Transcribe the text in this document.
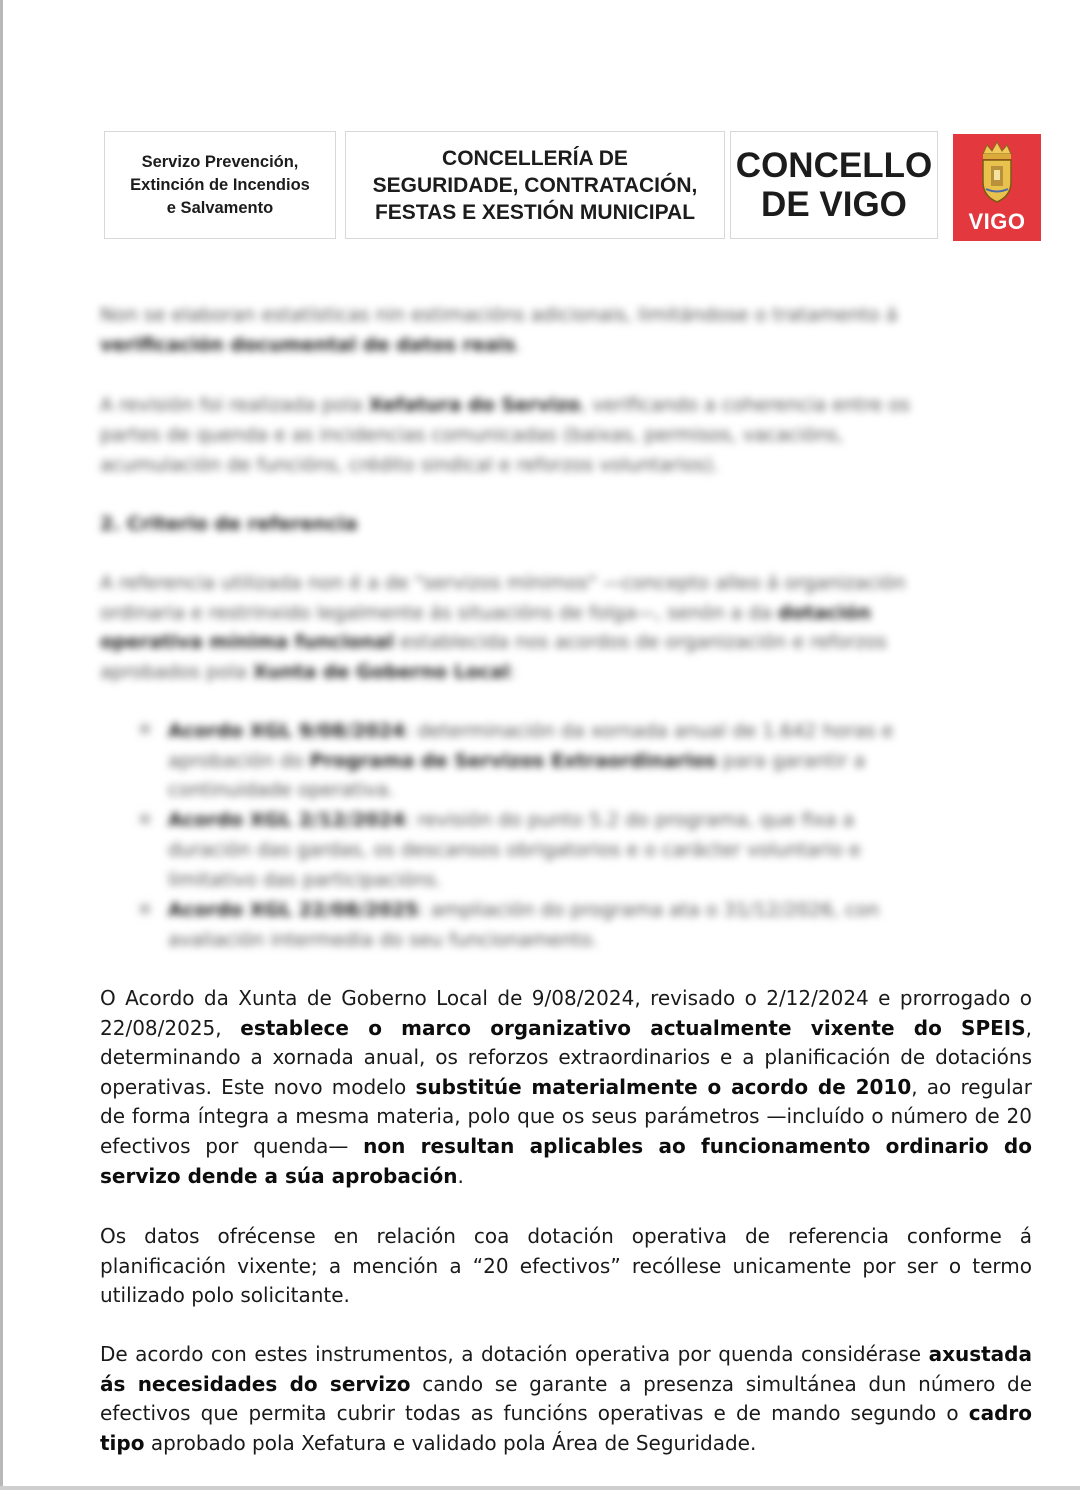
Servizo Prevención,
Extinción de Incendios
e Salvamento
CONCELLERÍA DE
SEGURIDADE, CONTRATACIÓN,
FESTAS E XESTIÓN MUNICIPAL
CONCELLO
DE VIGO	VIGO
Non se elaboran estatísticas nin estimacións adicionais, limitándose o tratamento á
verificación documental de datos reais.
A revisión foi realizada pola Xefatura do Servizo, verificando a coherencia entre os
partes de quenda e as incidencias comunicadas (baixas, permisos, vacacións,
acumulación de funcións, crédito sindical e reforzos voluntarios).
2. Criterio de referencia
A referencia utilizada non é a de "servizos mínimos" —concepto alleo á organización
ordinaria e restrinxido legalmente ás situacións de folga—, senón a da dotación
operativa mínima funcional establecida nos acordos de organización e reforzos
aprobados pola Xunta de Goberno Local:
Acordo XGL 9/08/2024: determinación da xornada anual de 1.642 horas e
aprobación do Programa de Servizos Extraordinarios para garantir a
continuidade operativa.
Acordo XGL 2/12/2024: revisión do punto 5.2 do programa, que fixa a
duración das gardas, os descansos obrigatorios e o carácter voluntario e
limitativo das participacións.
Acordo XGL 22/08/2025: ampliación do programa ata o 31/12/2026, con
avaliación intermedia do seu funcionamento.

O Acordo da Xunta de Goberno Local de 9/08/2024, revisado o 2/12/2024 e prorrogado o 22/08/2025, establece o marco organizativo actualmente vixente do SPEIS, determinando a xornada anual, os reforzos extraordinarios e a planificación de dotacións operativas. Este novo modelo substitúe materialmente o acordo de 2010, ao regular de forma íntegra a mesma materia, polo que os seus parámetros —incluído o número de 20 efectivos por quenda— non resultan aplicables ao funcionamento ordinario do servizo dende a súa aprobación.

Os datos ofrécense en relación coa dotación operativa de referencia conforme á planificación vixente; a mención a “20 efectivos” recóllese unicamente por ser o termo utilizado polo solicitante.

De acordo con estes instrumentos, a dotación operativa por quenda considérase axustada ás necesidades do servizo cando se garante a presenza simultánea dun número de efectivos que permita cubrir todas as funcións operativas e de mando segundo o cadro tipo aprobado pola Xefatura e validado pola Área de Seguridade.
